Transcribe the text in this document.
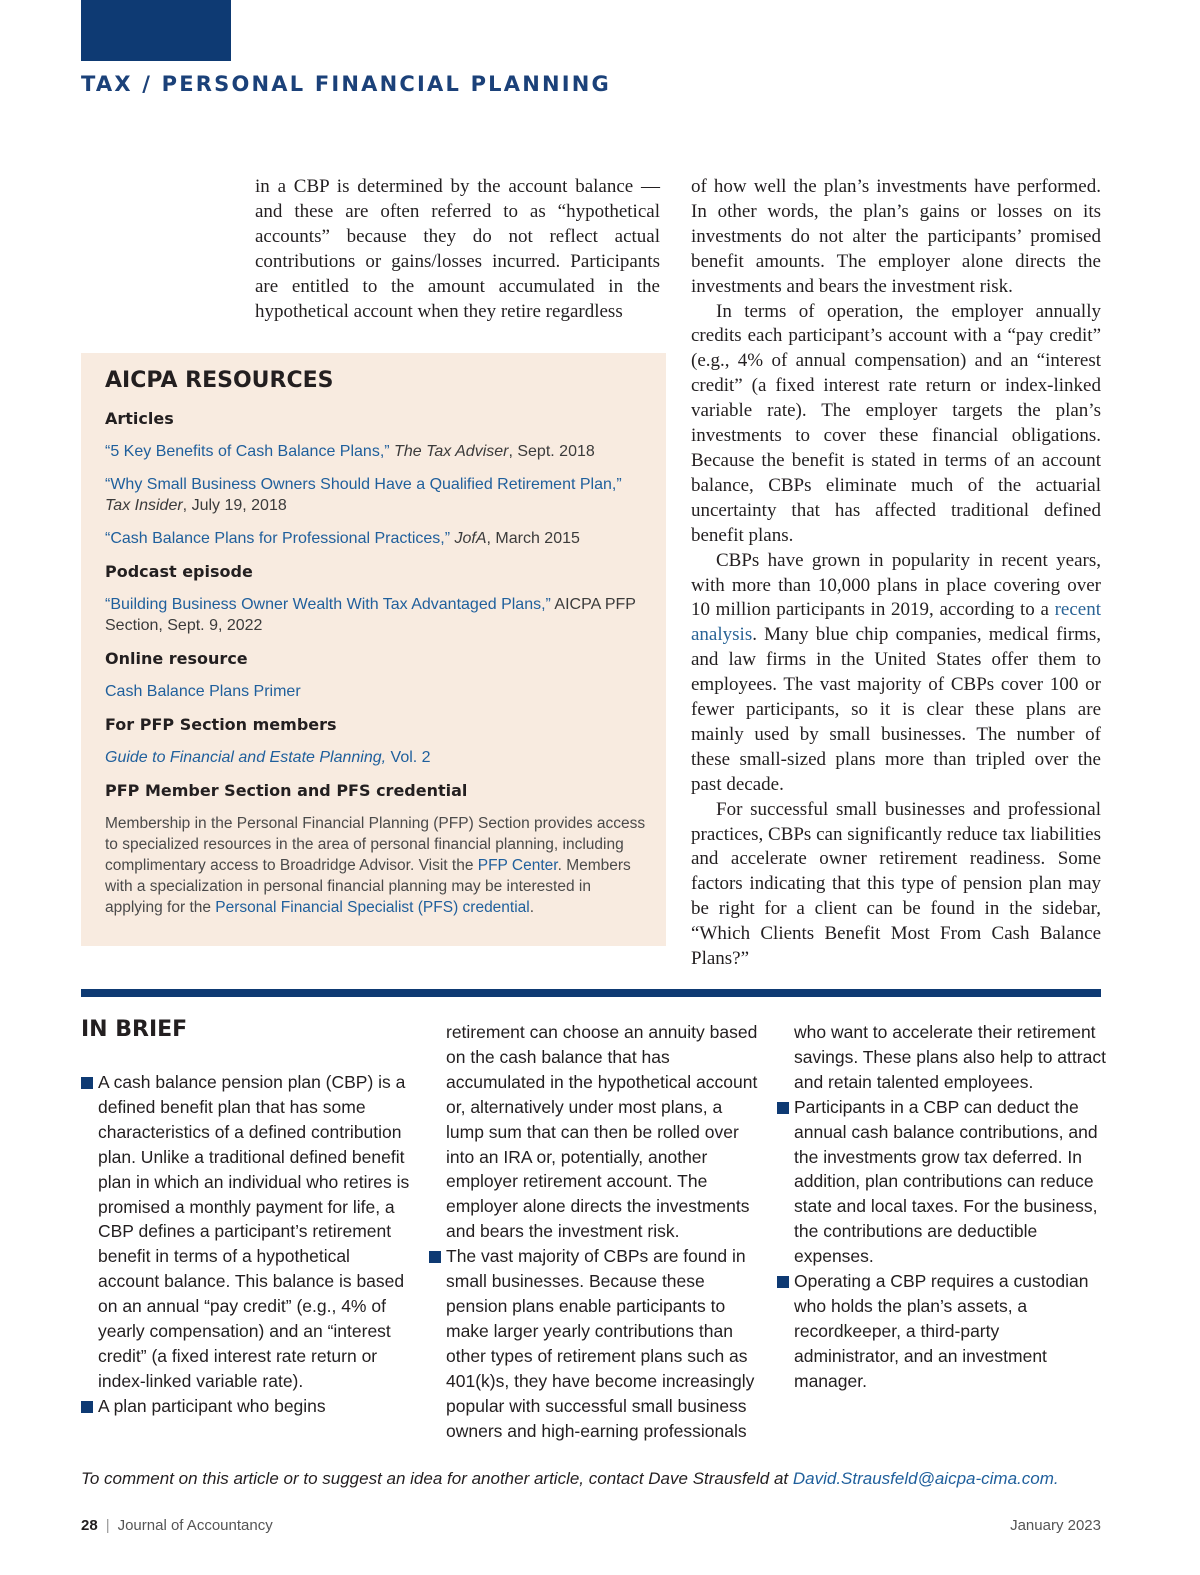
TAX / PERSONAL FINANCIAL PLANNING

in a CBP is determined by the account balance — and these are often referred to as “hypothetical accounts” because they do not reflect actual contributions or gains/losses incurred. Participants are entitled to the amount accumulated in the hypothetical account when they retire regardless

of how well the plan’s investments have performed. In other words, the plan’s gains or losses on its investments do not alter the participants’ promised benefit amounts. The employer alone directs the investments and bears the investment risk.

In terms of operation, the employer annually credits each participant’s account with a “pay credit” (e.g., 4% of annual compensation) and an “interest credit” (a fixed interest rate return or index-linked variable rate). The employer targets the plan’s investments to cover these financial obligations. Because the benefit is stated in terms of an account balance, CBPs eliminate much of the actuarial uncertainty that has affected traditional defined benefit plans.

CBPs have grown in popularity in recent years, with more than 10,000 plans in place covering over 10 million participants in 2019, according to a recent analysis. Many blue chip companies, medical firms, and law firms in the United States offer them to employees. The vast majority of CBPs cover 100 or fewer participants, so it is clear these plans are mainly used by small businesses. The number of these small-sized plans more than tripled over the past decade.

For successful small businesses and professional practices, CBPs can significantly reduce tax liabilities and accelerate owner retirement readiness. Some factors indicating that this type of pension plan may be right for a client can be found in the sidebar, “Which Clients Benefit Most From Cash Balance Plans?”

AICPA RESOURCES
Articles

“5 Key Benefits of Cash Balance Plans,” The Tax Adviser, Sept. 2018

“Why Small Business Owners Should Have a Qualified Retirement Plan,”
Tax Insider, July 19, 2018

“Cash Balance Plans for Professional Practices,” JofA, March 2015

Podcast episode

“Building Business Owner Wealth With Tax Advantaged Plans,” AICPA PFP Section, Sept. 9, 2022

Online resource

Cash Balance Plans Primer

For PFP Section members

Guide to Financial and Estate Planning, Vol. 2

PFP Member Section and PFS credential

Membership in the Personal Financial Planning (PFP) Section provides access to specialized resources in the area of personal financial planning, including complimentary access to Broadridge Advisor. Visit the PFP Center. Members with a specialization in personal financial planning may be interested in applying for the Personal Financial Specialist (PFS) credential.

IN BRIEF

A cash balance pension plan (CBP) is a defined benefit plan that has some characteristics of a defined contribution plan. Unlike a traditional defined benefit plan in which an individual who retires is promised a monthly payment for life, a CBP defines a participant’s retirement benefit in terms of a hypothetical account balance. This balance is based on an annual “pay credit” (e.g., 4% of yearly compensation) and an “interest credit” (a fixed interest rate return or index-linked variable rate).

A plan participant who begins

retirement can choose an annuity based on the cash balance that has accumulated in the hypothetical account or, alternatively under most plans, a lump sum that can then be rolled over into an IRA or, potentially, another employer retirement account. The employer alone directs the investments and bears the investment risk.

The vast majority of CBPs are found in small businesses. Because these pension plans enable participants to make larger yearly contributions than other types of retirement plans such as 401(k)s, they have become increasingly popular with successful small business owners and high-earning professionals

who want to accelerate their retirement savings. These plans also help to attract and retain talented employees.

Participants in a CBP can deduct the annual cash balance contributions, and the investments grow tax deferred. In addition, plan contributions can reduce state and local taxes. For the business, the contributions are deductible expenses.

Operating a CBP requires a custodian who holds the plan’s assets, a recordkeeper, a third-party administrator, and an investment manager.

To comment on this article or to suggest an idea for another article, contact Dave Strausfeld at David.Strausfeld@aicpa-cima.com.

28 | Journal of Accountancy	January 2023
